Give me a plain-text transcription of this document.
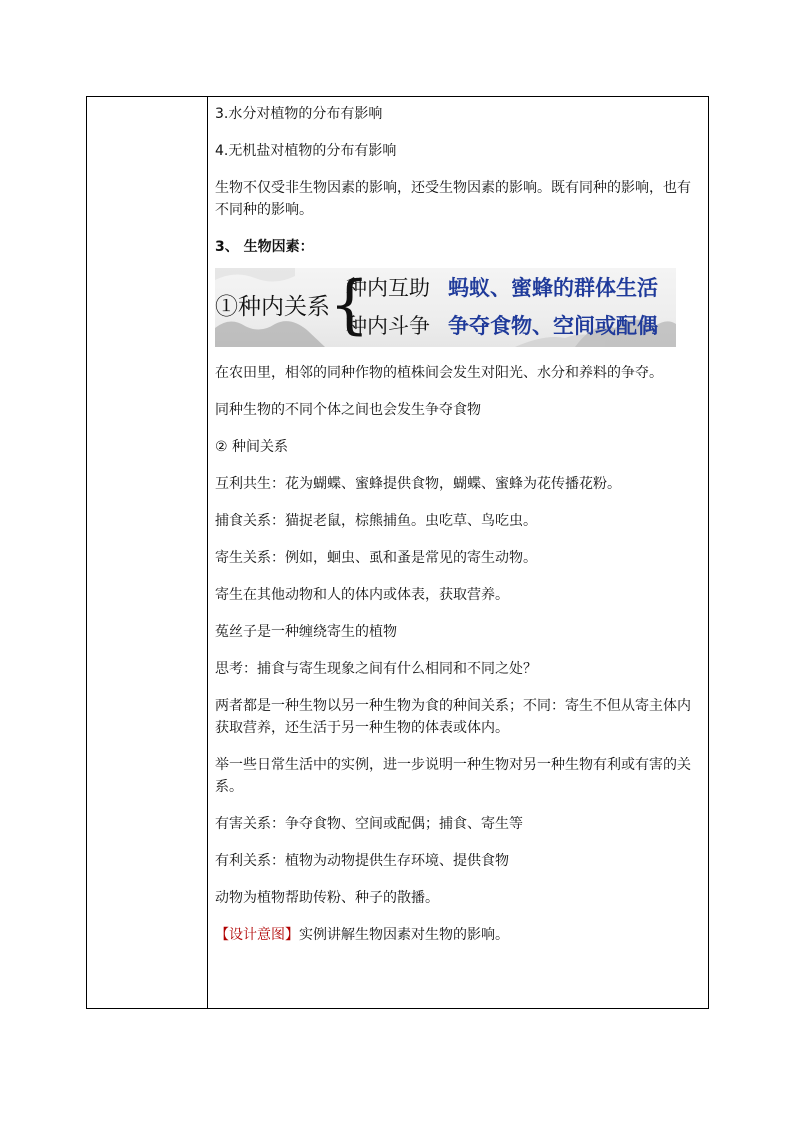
3.水分对植物的分布有影响

4.无机盐对植物的分布有影响

生物不仅受非生物因素的影响，还受生物因素的影响。既有同种的影响，也有不同种的影响。

3、 生物因素：

①种内关系 {
种内互助 蚂蚁、蜜蜂的群体生活
种内斗争 争夺食物、空间或配偶

在农田里，相邻的同种作物的植株间会发生对阳光、水分和养料的争夺。

同种生物的不同个体之间也会发生争夺食物

② 种间关系

互利共生：花为蝴蝶、蜜蜂提供食物，蝴蝶、蜜蜂为花传播花粉。

捕食关系：猫捉老鼠，棕熊捕鱼。虫吃草、鸟吃虫。

寄生关系：例如，蛔虫、虱和蚤是常见的寄生动物。

寄生在其他动物和人的体内或体表，获取营养。

菟丝子是一种缠绕寄生的植物

思考：捕食与寄生现象之间有什么相同和不同之处？

两者都是一种生物以另一种生物为食的种间关系；不同：寄生不但从寄主体内获取营养，还生活于另一种生物的体表或体内。

举一些日常生活中的实例，进一步说明一种生物对另一种生物有利或有害的关系。

有害关系：争夺食物、空间或配偶；捕食、寄生等

有利关系：植物为动物提供生存环境、提供食物

动物为植物帮助传粉、种子的散播。

【设计意图】实例讲解生物因素对生物的影响。
